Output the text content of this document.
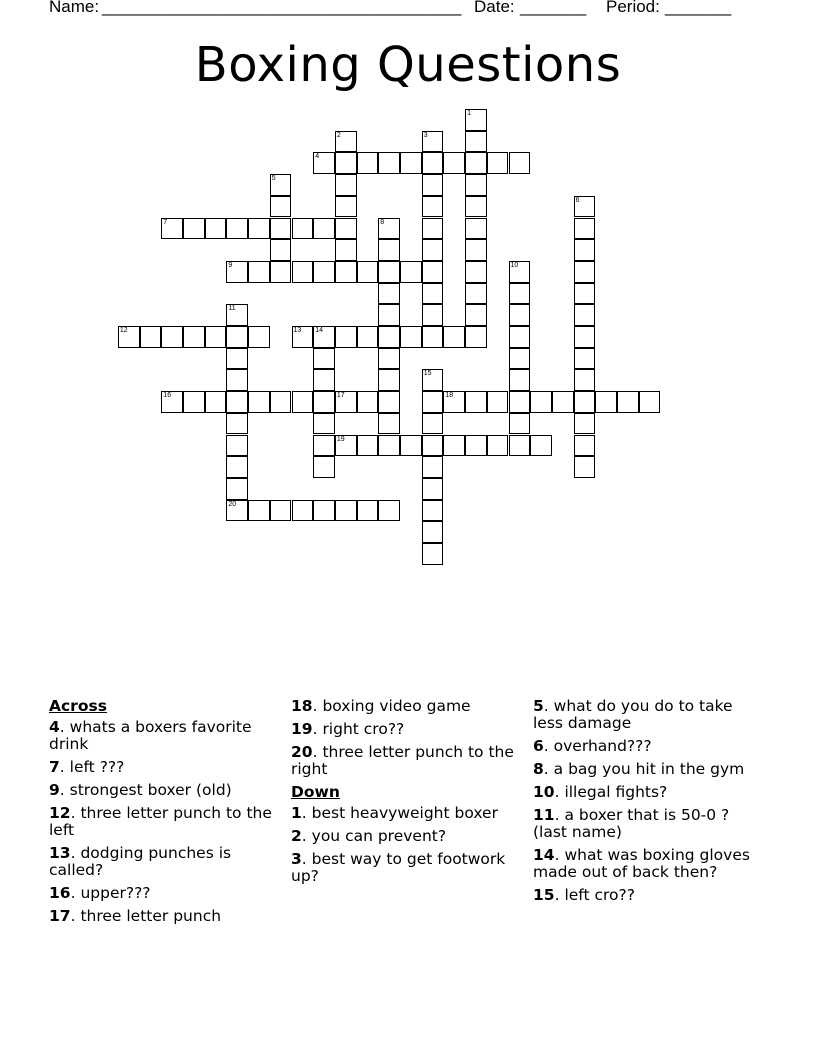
Name:
______________________________________ Date: _______ Period: _______
Boxing Questions
1
2	3
4
5
6
7	8
9	10
11
12	13 14
15
16	17	18
19
20
Across
4. whats a boxers favorite drink
7. left ???
9. strongest boxer (old)
12. three letter punch to the left
13. dodging punches is called?
16. upper???
17. three letter punch
18. boxing video game
19. right cro??
20. three letter punch to the right
Down
1. best heavyweight boxer
2. you can prevent?
3. best way to get footwork up?
5. what do you do to take less damage
6. overhand???
8. a bag you hit in the gym
10. illegal fights?
11. a boxer that is 50-0 ? (last name)
14. what was boxing gloves made out of back then?
15. left cro??
